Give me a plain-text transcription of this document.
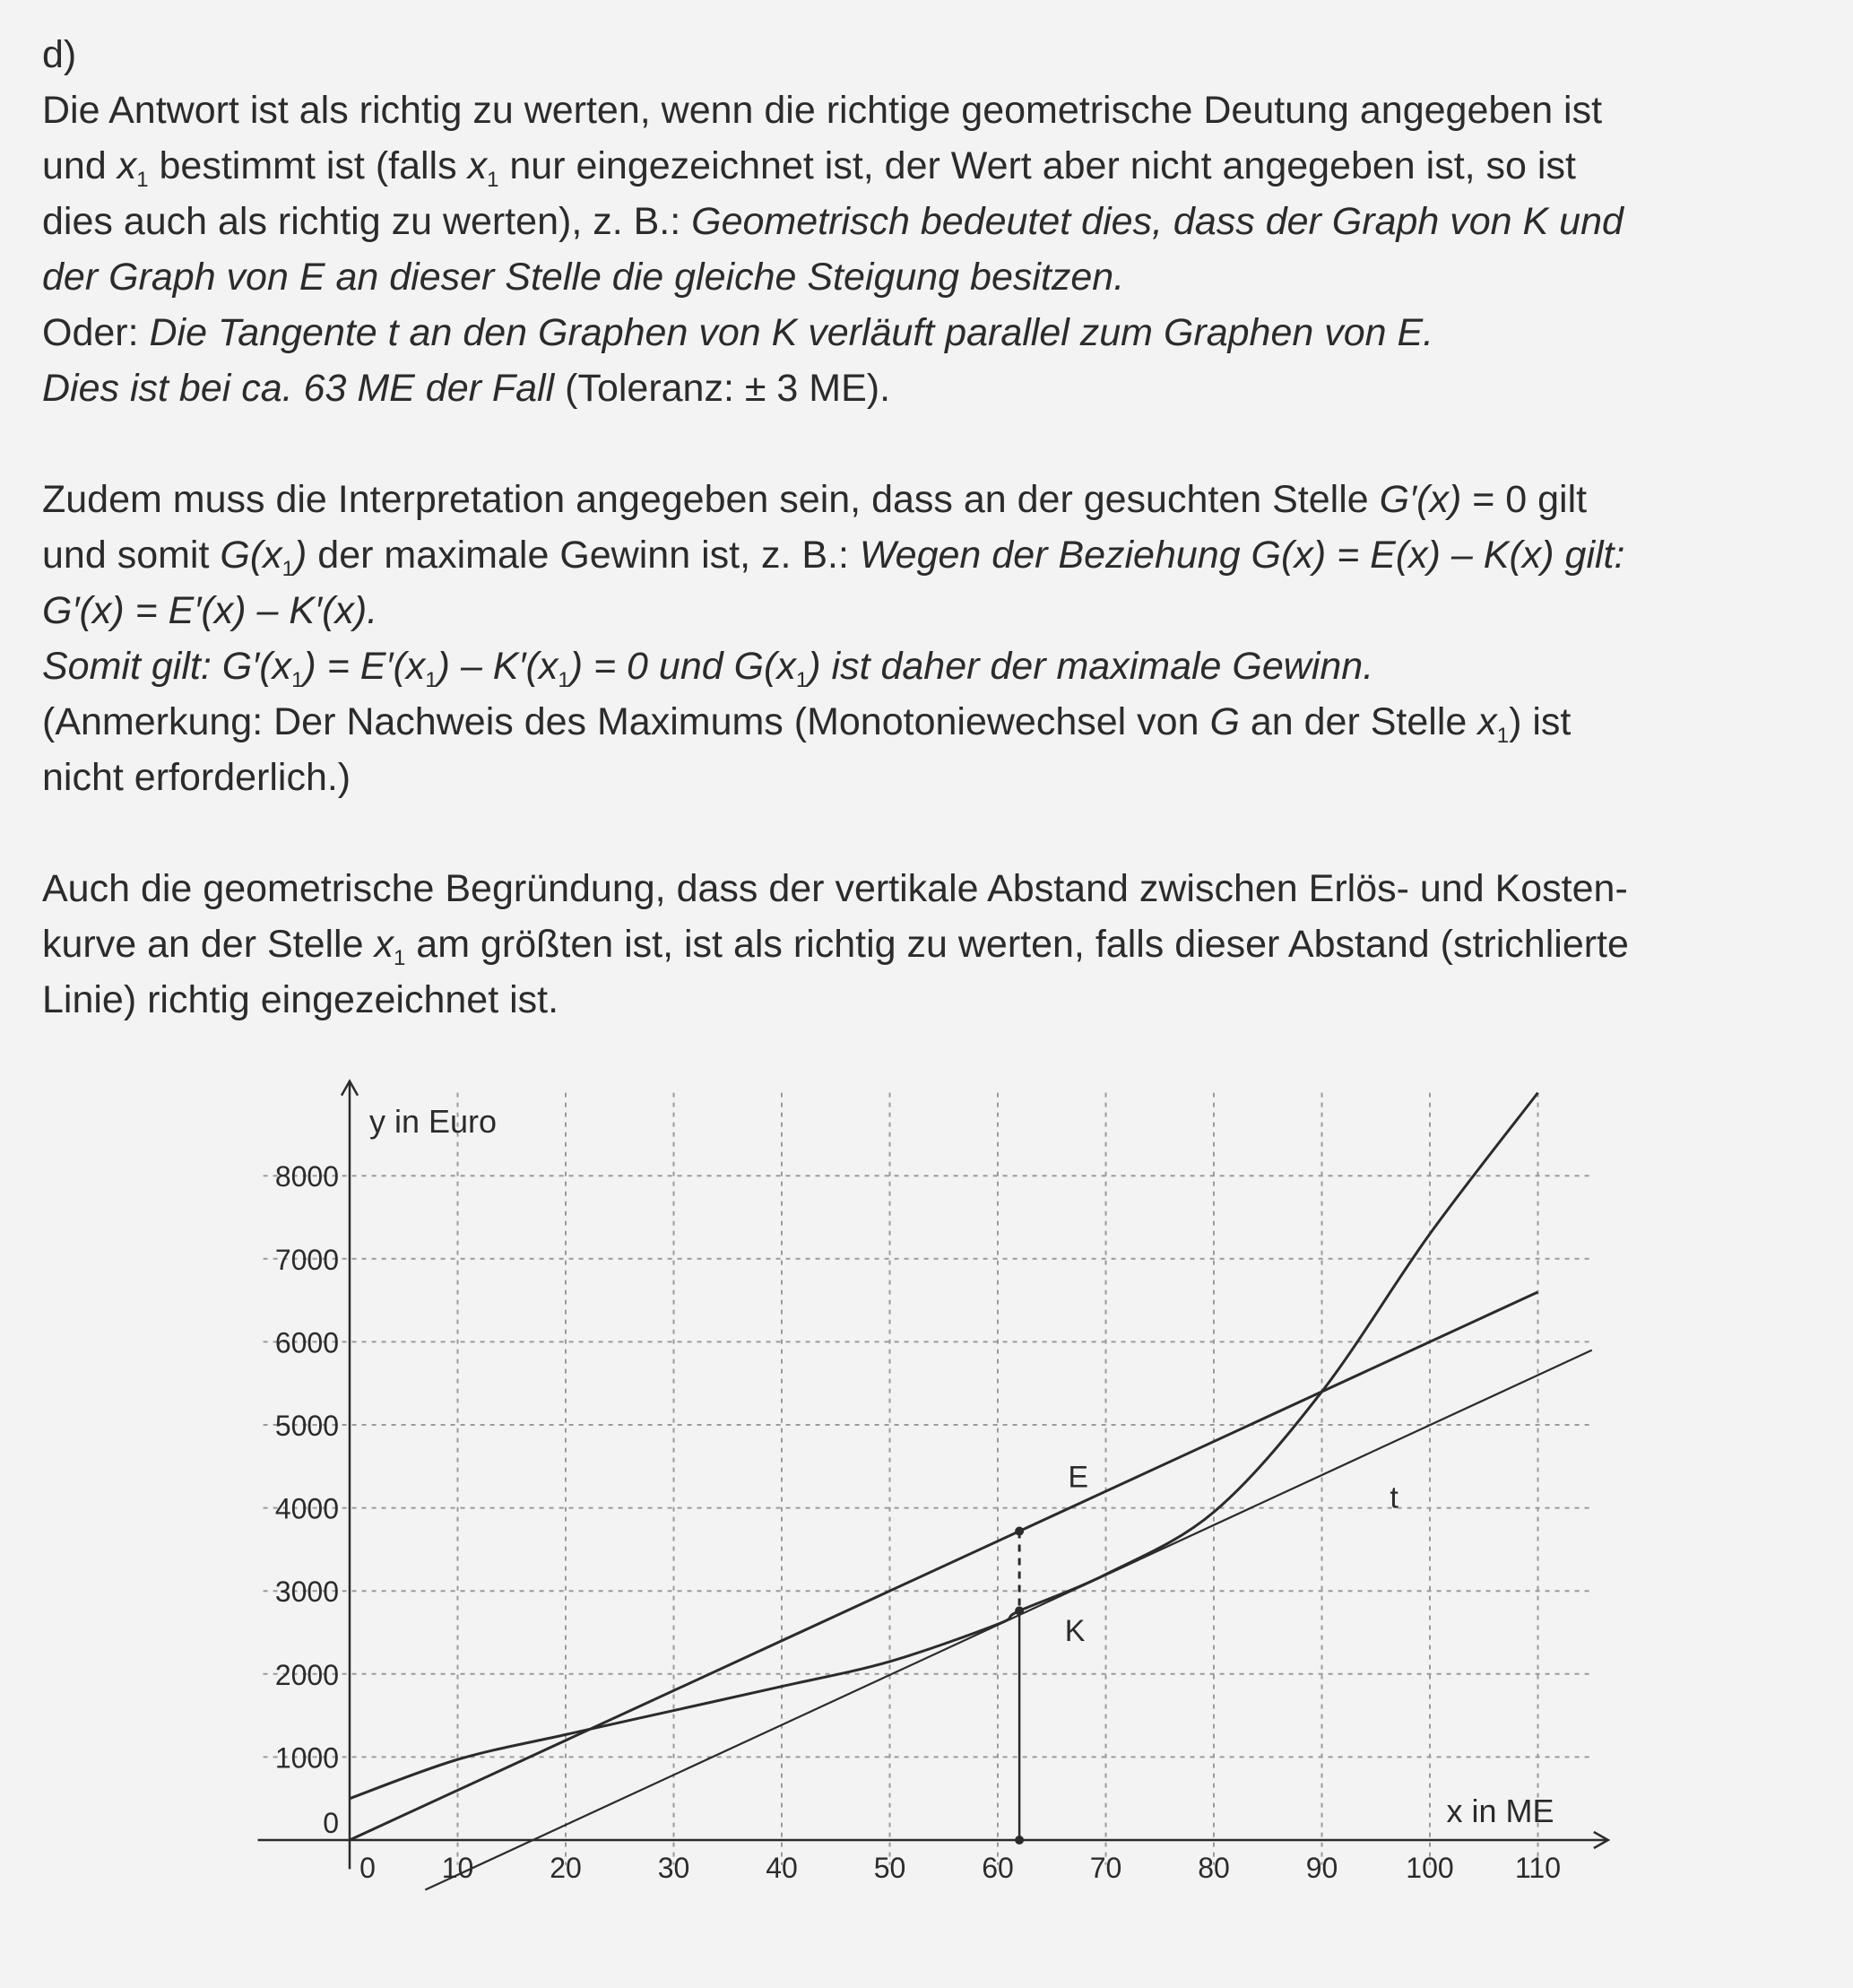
d)

Die Antwort ist als richtig zu werten, wenn die richtige geometrische Deutung angegeben ist

und $x_1$ bestimmt ist (falls $x_1$ nur eingezeichnet ist, der Wert aber nicht angegeben ist, so ist

dies auch als richtig zu werten), z. B.: Geometrisch bedeutet dies, dass der Graph von K und

der Graph von E an dieser Stelle die gleiche Steigung besitzen.

Oder: Die Tangente t an den Graphen von K verläuft parallel zum Graphen von E.

Dies ist bei ca. 63 ME der Fall (Toleranz: ± 3 ME).

Zudem muss die Interpretation angegeben sein, dass an der gesuchten Stelle G′(x) = 0 gilt

und somit $G(x_1)$ der maximale Gewinn ist, z. B.: Wegen der Beziehung G(x) = E(x) – K(x) gilt:

G′(x) = E′(x) – K′(x).

Somit gilt: $G'(x_1) = E'(x_1) - K'(x_1) = 0$ und $G(x_1)$ ist daher der maximale Gewinn.

(Anmerkung: Der Nachweis des Maximums (Monotoniewechsel von G an der Stelle $x_1$) ist

nicht erforderlich.)

Auch die geometrische Begründung, dass der vertikale Abstand zwischen Erlös- und Kosten-

kurve an der Stelle $x_1$ am größten ist, ist als richtig zu werten, falls dieser Abstand (strichlierte

Linie) richtig eingezeichnet ist.

0 10	20	30	40	50	60	70	80	90 100 110
0
1000
2000
3000
4000
5000
6000
7000
8000
y in Euro
x in ME
E
K
t
